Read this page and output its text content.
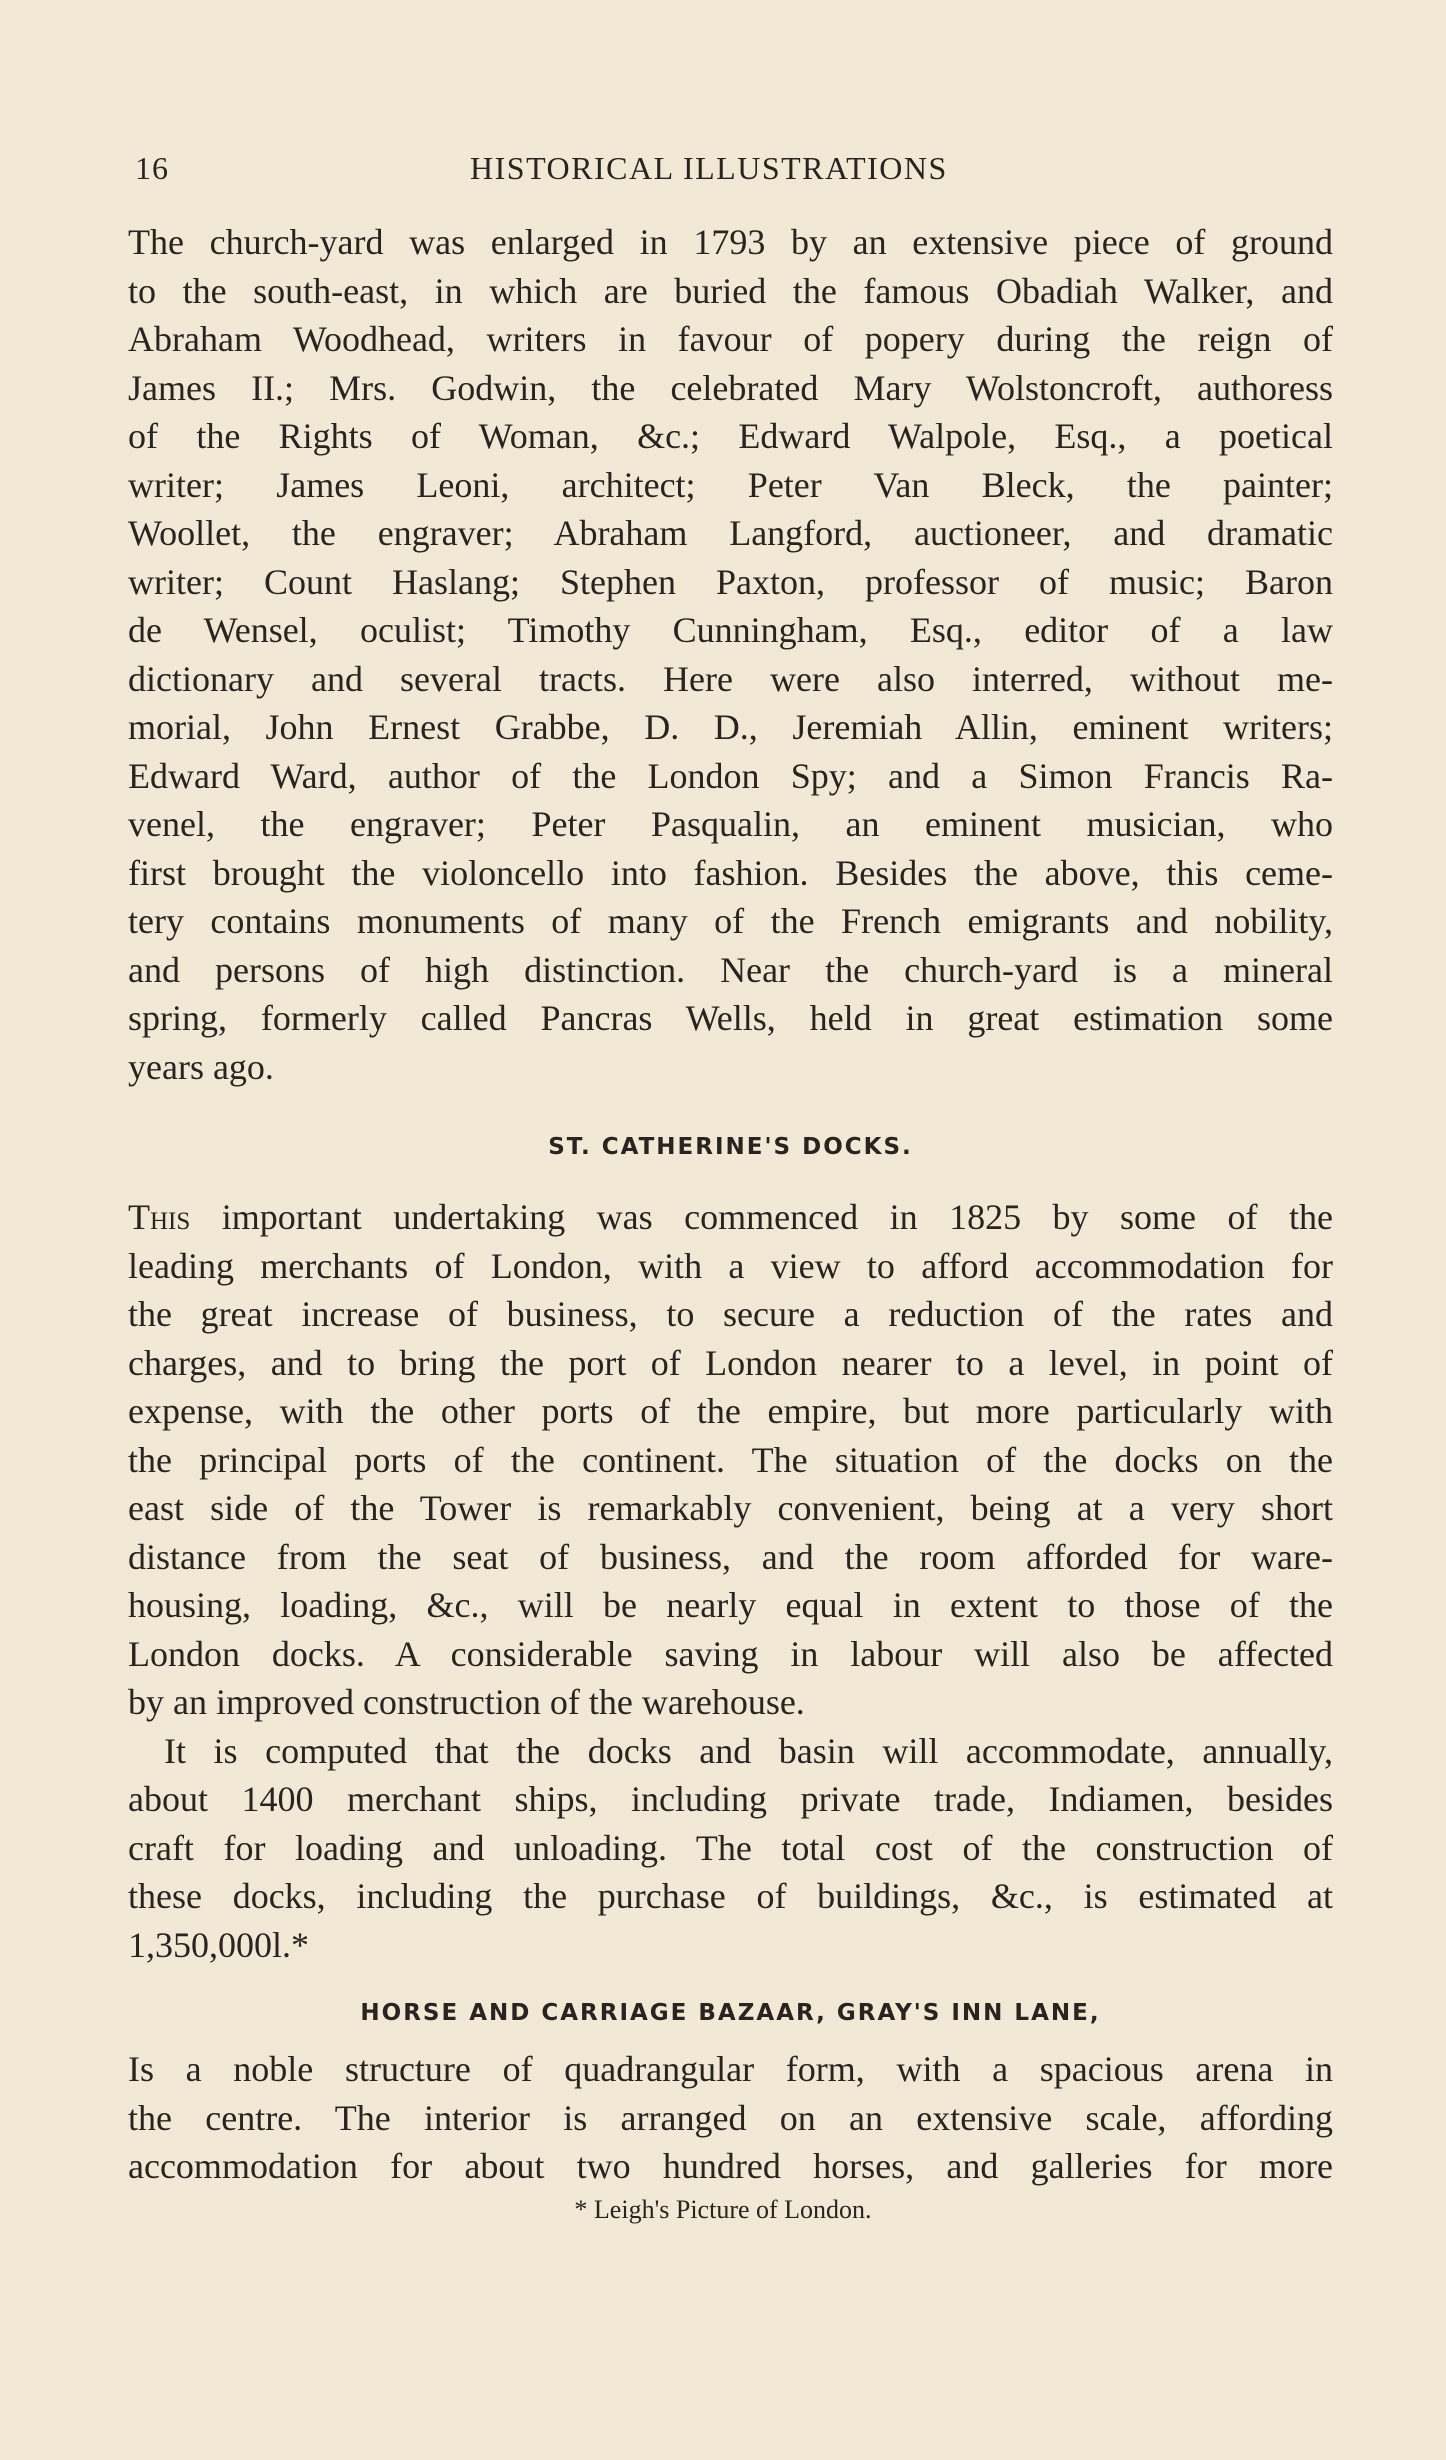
16	HISTORICAL ILLUSTRATIONS
The church-yard was enlarged in 1793 by an extensive piece of ground
to the south-east, in which are buried the famous Obadiah Walker, and
Abraham Woodhead, writers in favour of popery during the reign of
James II.; Mrs. Godwin, the celebrated Mary Wolstoncroft, authoress
of the Rights of Woman, &c.; Edward Walpole, Esq., a poetical
writer; James Leoni, architect; Peter Van Bleck, the painter;
Woollet, the engraver; Abraham Langford, auctioneer, and dramatic
writer; Count Haslang; Stephen Paxton, professor of music; Baron
de Wensel, oculist; Timothy Cunningham, Esq., editor of a law
dictionary and several tracts. Here were also interred, without me-
morial, John Ernest Grabbe, D. D., Jeremiah Allin, eminent writers;
Edward Ward, author of the London Spy; and a Simon Francis Ra-
venel, the engraver; Peter Pasqualin, an eminent musician, who
first brought the violoncello into fashion. Besides the above, this ceme-
tery contains monuments of many of the French emigrants and nobility,
and persons of high distinction. Near the church-yard is a mineral
spring, formerly called Pancras Wells, held in great estimation some
years ago.
ST. CATHERINE'S DOCKS.
This important undertaking was commenced in 1825 by some of the
leading merchants of London, with a view to afford accommodation for
the great increase of business, to secure a reduction of the rates and
charges, and to bring the port of London nearer to a level, in point of
expense, with the other ports of the empire, but more particularly with
the principal ports of the continent. The situation of the docks on the
east side of the Tower is remarkably convenient, being at a very short
distance from the seat of business, and the room afforded for ware-
housing, loading, &c., will be nearly equal in extent to those of the
London docks. A considerable saving in labour will also be affected
by an improved construction of the warehouse.
It is computed that the docks and basin will accommodate, annually,
about 1400 merchant ships, including private trade, Indiamen, besides
craft for loading and unloading. The total cost of the construction of
these docks, including the purchase of buildings, &c., is estimated at
1,350,000l.*
HORSE AND CARRIAGE BAZAAR, GRAY'S INN LANE,
Is a noble structure of quadrangular form, with a spacious arena in
the centre. The interior is arranged on an extensive scale, affording
accommodation for about two hundred horses, and galleries for more
* Leigh's Picture of London.
